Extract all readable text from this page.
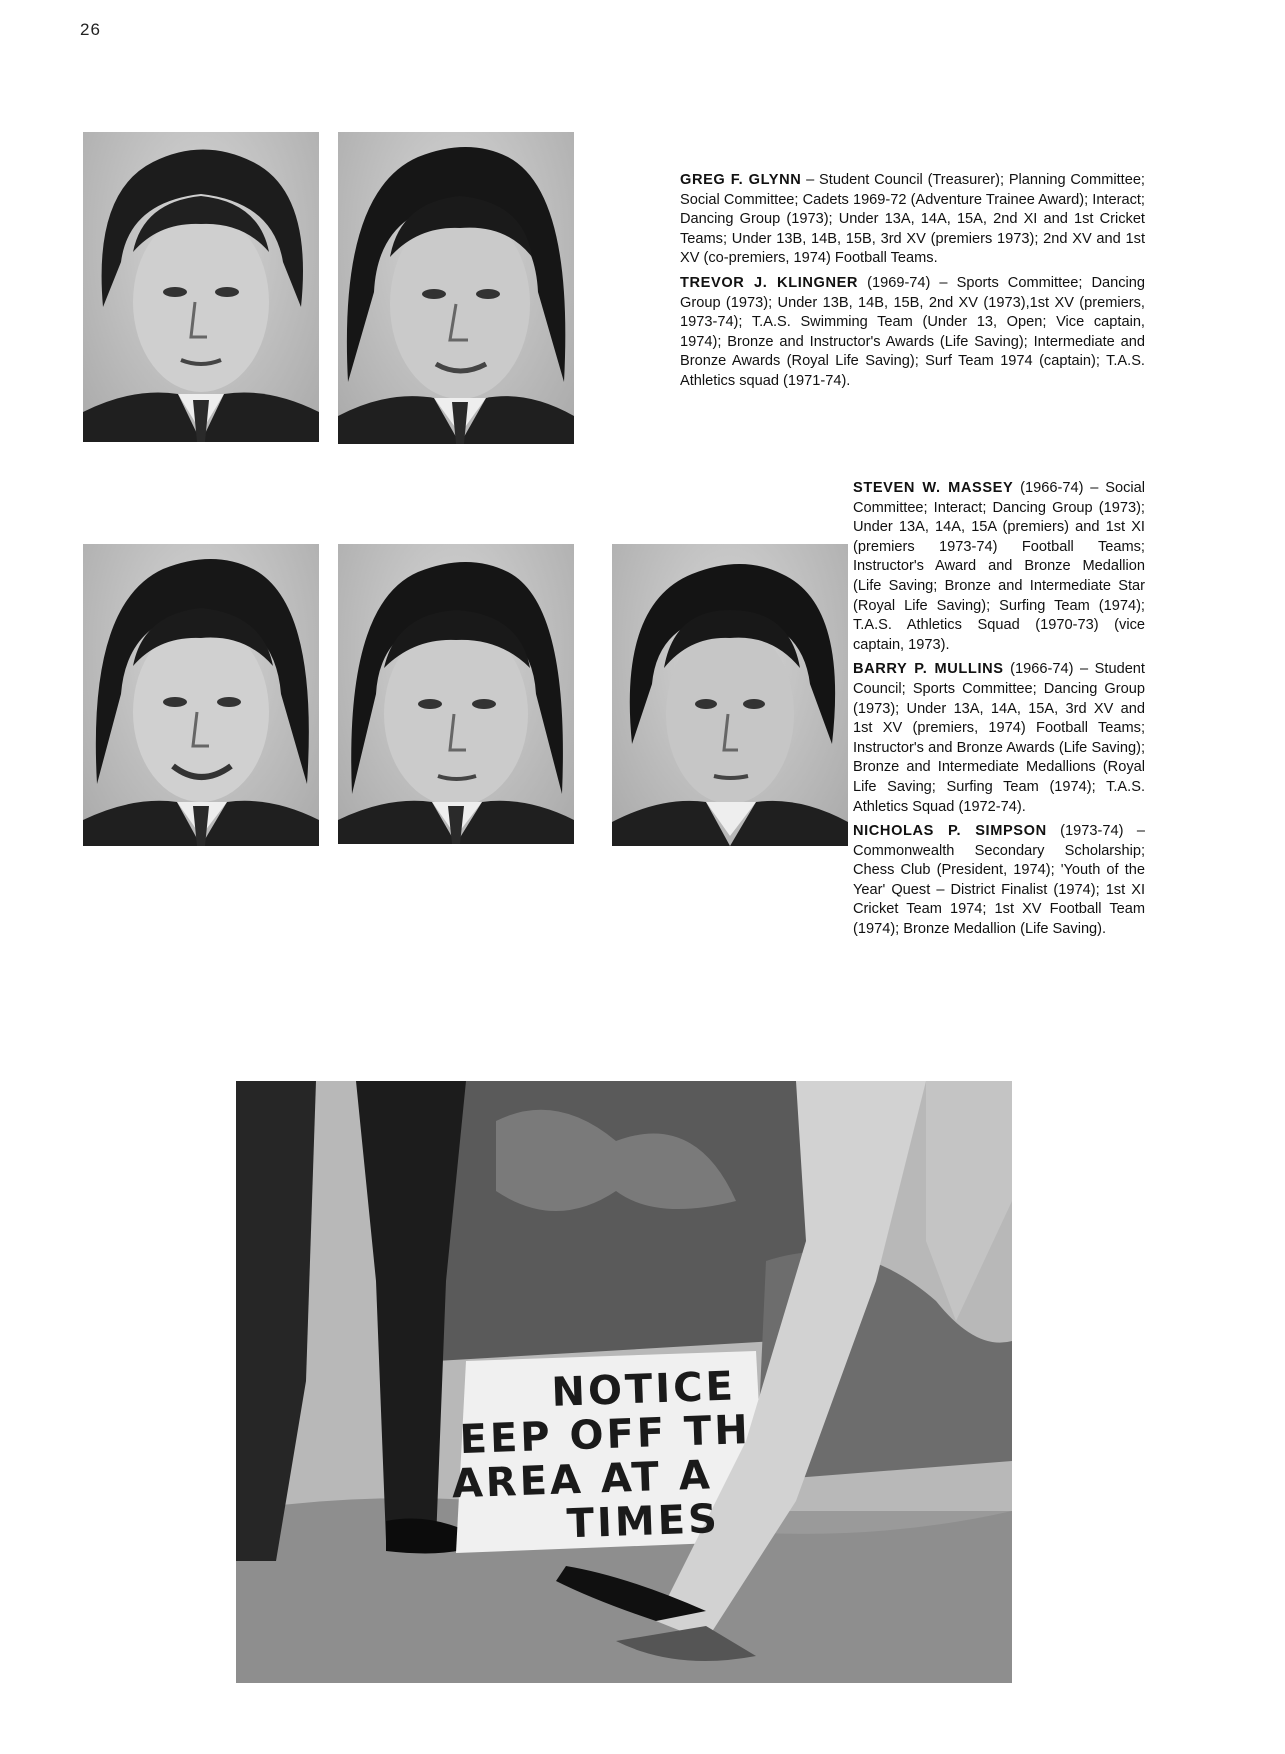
26

GREG F. GLYNN – Student Council (Treasurer); Planning Committee; Social Committee; Cadets 1969-72 (Adventure Trainee Award); Interact; Dancing Group (1973); Under 13A, 14A, 15A, 2nd XI and 1st Cricket Teams; Under 13B, 14B, 15B, 3rd XV (premiers 1973); 2nd XV and 1st XV (co-premiers, 1974) Football Teams.

TREVOR J. KLINGNER (1969-74) – Sports Committee; Dancing Group (1973); Under 13B, 14B, 15B, 2nd XV (1973),1st XV (premiers, 1973-74); T.A.S. Swimming Team (Under 13, Open; Vice captain, 1974); Bronze and Instructor's Awards (Life Saving); Intermediate and Bronze Awards (Royal Life Saving); Surf Team 1974 (captain); T.A.S. Athletics squad (1971-74).

STEVEN W. MASSEY (1966-74) – Social Committee; Interact; Dancing Group (1973); Under 13A, 14A, 15A (premiers) and 1st XI (premiers 1973-74) Football Teams; Instructor's Award and Bronze Medallion (Life Saving; Bronze and Intermediate Star (Royal Life Saving); Surfing Team (1974); T.A.S. Athletics Squad (1970-73) (vice captain, 1973).

BARRY P. MULLINS (1966-74) – Student Council; Sports Committee; Dancing Group (1973); Under 13A, 14A, 15A, 3rd XV and 1st XV (premiers, 1974) Football Teams; Instructor's and Bronze Awards (Life Saving); Bronze and Intermediate Medallions (Royal Life Saving; Surfing Team (1974); T.A.S. Athletics Squad (1972-74).

NICHOLAS P. SIMPSON (1973-74) – Commonwealth Secondary Scholarship; Chess Club (President, 1974); 'Youth of the Year' Quest – District Finalist (1974); 1st XI Cricket Team 1974; 1st XV Football Team (1974); Bronze Medallion (Life Saving).

NOTICE
EEP OFF TH
AREA AT A
TIMES
